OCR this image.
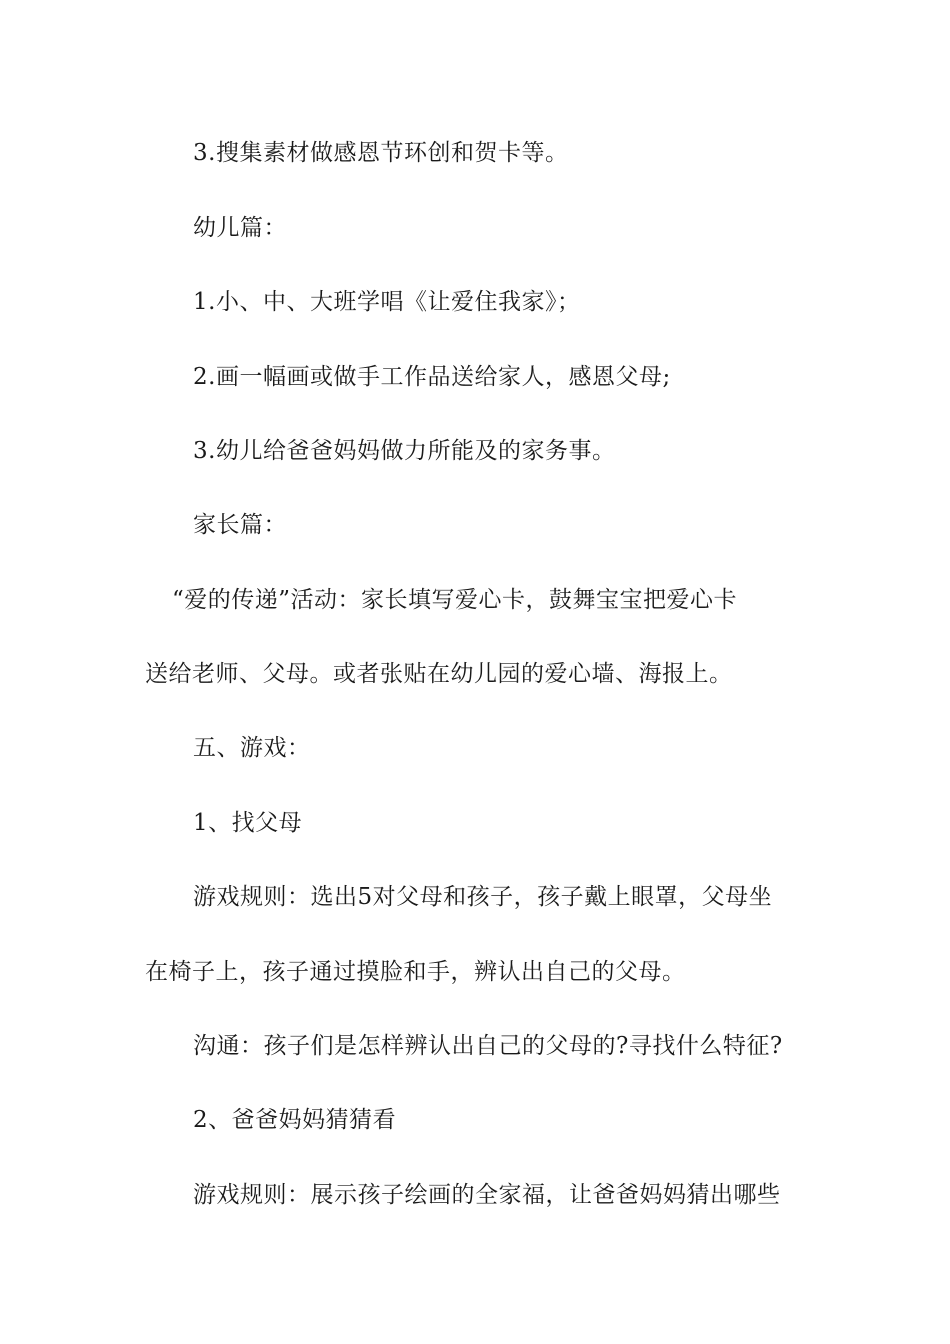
3.搜集素材做感恩节环创和贺卡等。
幼儿篇：
1.小、中、大班学唱《让爱住我家》；
2.画一幅画或做手工作品送给家人，感恩父母;
3.幼儿给爸爸妈妈做力所能及的家务事。
家长篇：
“爱的传递”活动：家长填写爱心卡，鼓舞宝宝把爱心卡
送给老师、父母。或者张贴在幼儿园的爱心墙、海报上。
五、游戏：
1、找父母
游戏规则：选出5对父母和孩子，孩子戴上眼罩，父母坐
在椅子上，孩子通过摸脸和手，辨认出自己的父母。
沟通：孩子们是怎样辨认出自己的父母的?寻找什么特征?
2、爸爸妈妈猜猜看
游戏规则：展示孩子绘画的全家福，让爸爸妈妈猜出哪些
